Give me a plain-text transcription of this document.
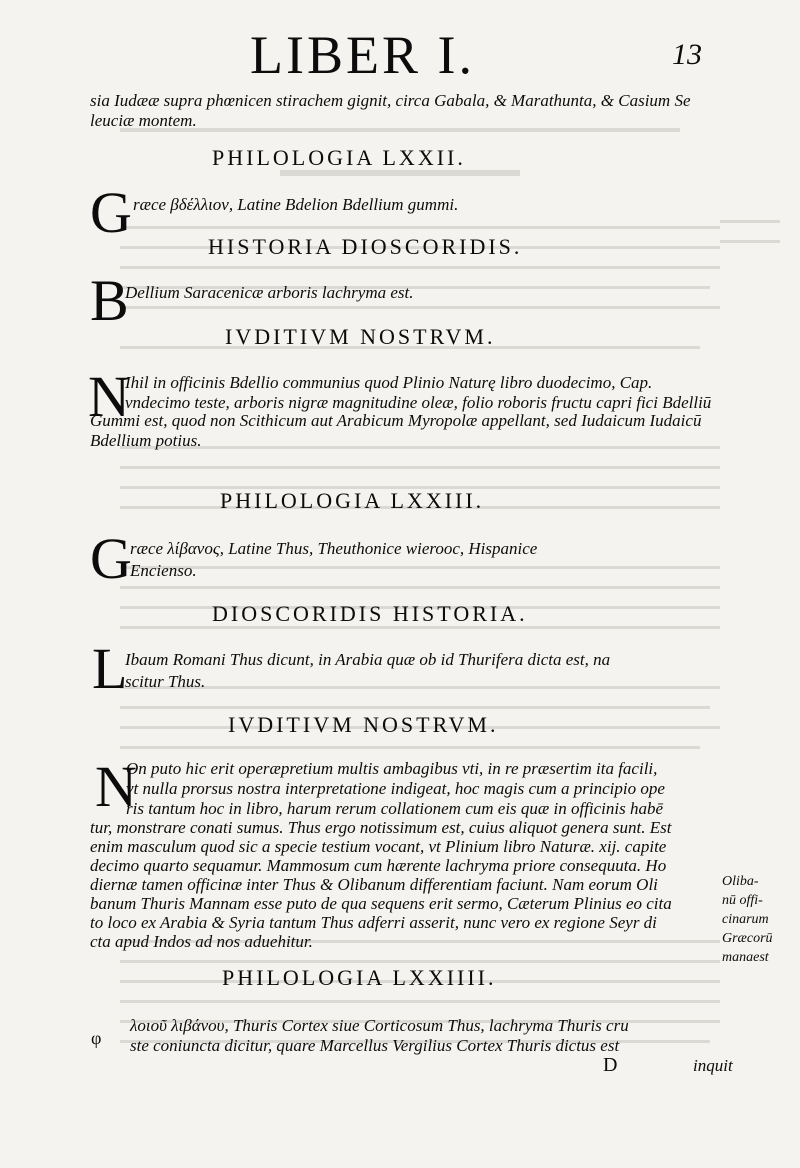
LIBER I.	13
sia Iudææ supra phœnicen stirachem gignit, circa Gabala, & Marathunta, & Casium Se
leuciæ montem.
PHILOLOGIA LXXII.
G ræce βδέλλιον, Latine Bdelion Bdellium gummi.
HISTORIA DIOSCORIDIS.
B
Dellium Saracenicæ arboris lachryma est.
IVDITIVM NOSTRVM.
N
Ihil in officinis Bdellio communius quod Plinio Naturę libro duodecimo, Cap.
vndecimo teste, arboris nigræ magnitudine oleæ, folio roboris fructu capri fici Bdelliū
Gummi est, quod non Scithicum aut Arabicum Myropolæ appellant, sed Iudaicum Iudaicū
Bdellium potius.
PHILOLOGIA LXXIII.
G
ræce λίβανος, Latine Thus, Theuthonice wierooc, Hispanice
Encienso.
DIOSCORIDIS HISTORIA.
L
Ibaum Romani Thus dicunt, in Arabia quæ ob id Thurifera dicta est, na
scitur Thus.
IVDITIVM NOSTRVM.
N
On puto hic erit operæpretium multis ambagibus vti, in re præsertim ita facili,
vt nulla prorsus nostra interpretatione indigeat, hoc magis cum a principio ope
ris tantum hoc in libro, harum rerum collationem cum eis quæ in officinis habē
tur, monstrare conati sumus. Thus ergo notissimum est, cuius aliquot genera sunt. Est
enim masculum quod sic a specie testium vocant, vt Plinium libro Naturæ. xij. capite
decimo quarto sequamur. Mammosum cum hærente lachryma priore consequuta. Ho
diernæ tamen officinæ inter Thus & Olibanum differentiam faciunt. Nam eorum Oli
banum Thuris Mannam esse puto de qua sequens erit sermo, Cæterum Plinius eo cita
to loco ex Arabia & Syria tantum Thus adferri asserit, nunc vero ex regione Seyr di
cta apud Indos ad nos aduehitur.
Oliba-
nū offi-
cinarum
Græcorū
manaest
PHILOLOGIA LXXIIII.
φ
λοιοῦ λιβάνου, Thuris Cortex siue Corticosum Thus, lachryma Thuris cru
ste coniuncta dicitur, quare Marcellus Vergilius Cortex Thuris dictus est
inquit
D
